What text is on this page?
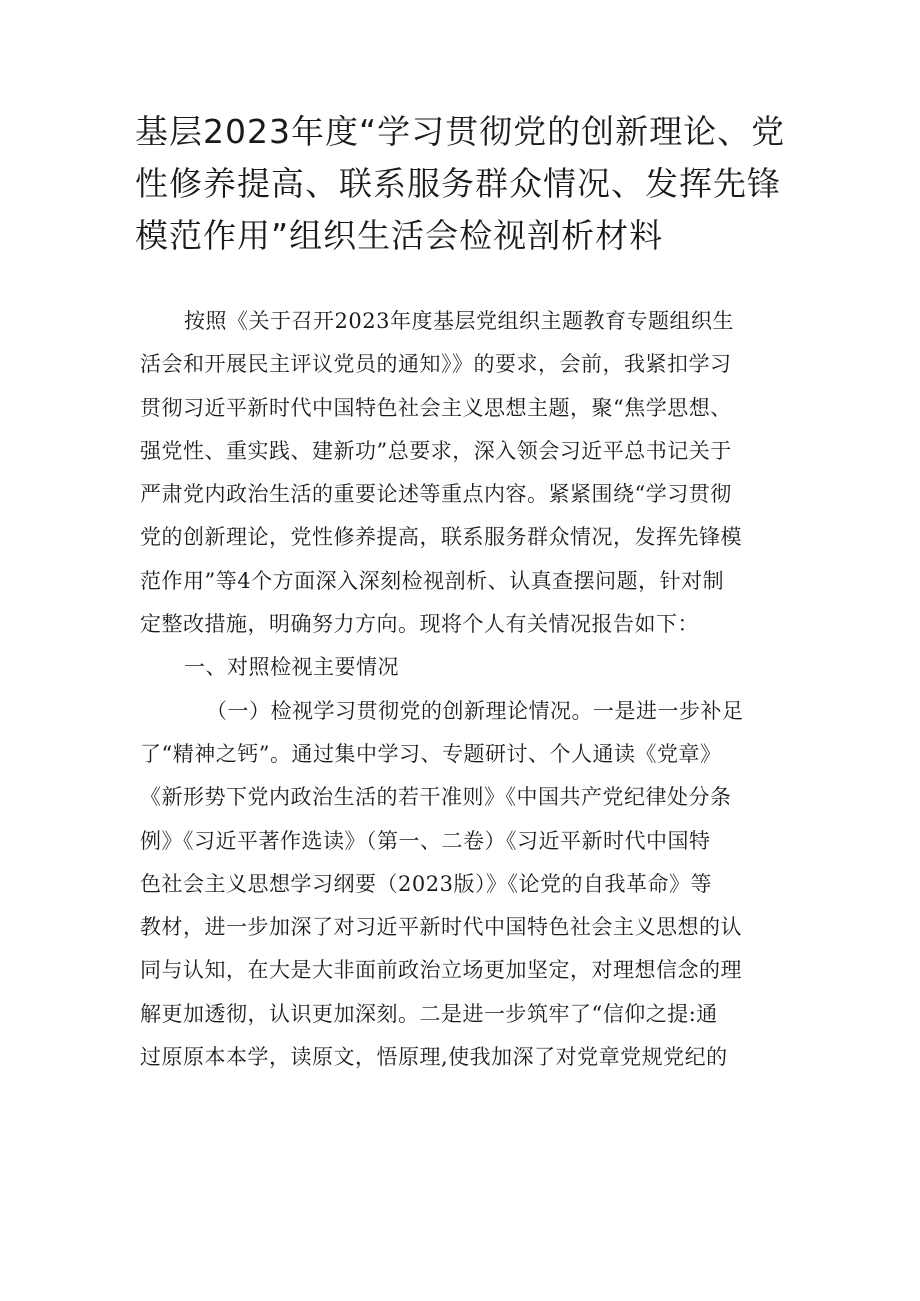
基层2023年度“学习贯彻党的创新理论、党
性修养提高、联系服务群众情况、发挥先锋
模范作用”组织生活会检视剖析材料
按照《关于召开2023年度基层党组织主题教育专题组织生
活会和开展民主评议党员的通知》》的要求，会前，我紧扣学习
贯彻习近平新时代中国特色社会主义思想主题，聚“焦学思想、
强党性、重实践、建新功”总要求，深入领会习近平总书记关于
严肃党内政治生活的重要论述等重点内容。紧紧围绕“学习贯彻
党的创新理论，党性修养提高，联系服务群众情况，发挥先锋模
范作用”等4个方面深入深刻检视剖析、认真查摆问题，针对制
定整改措施，明确努力方向。现将个人有关情况报告如下：
一、对照检视主要情况
（一）检视学习贯彻党的创新理论情况。一是进一步补足
了“精神之钙”。通过集中学习、专题研讨、个人通读《党章》
《新形势下党内政治生活的若干准则》《中国共产党纪律处分条
例》《习近平著作选读》（第一、二卷）《习近平新时代中国特
色社会主义思想学习纲要（2023版）》《论党的自我革命》等
教材，进一步加深了对习近平新时代中国特色社会主义思想的认
同与认知，在大是大非面前政治立场更加坚定，对理想信念的理
解更加透彻，认识更加深刻。二是进一步筑牢了“信仰之提:通
过原原本本学，读原文，悟原理,使我加深了对党章党规党纪的
